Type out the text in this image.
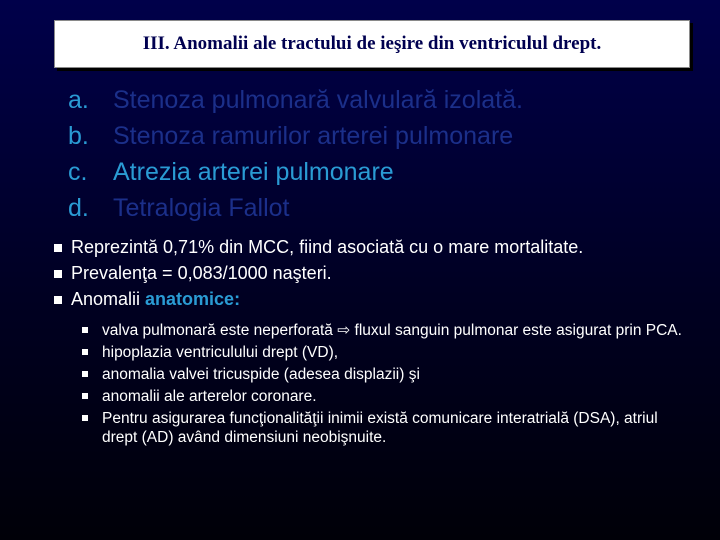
III. Anomalii ale tractului de ieşire din ventriculul drept.
a. Stenoza pulmonară valvulară izolată.
b. Stenoza ramurilor arterei pulmonare
c.	Atrezia arterei pulmonare
d. Tetralogia Fallot
Reprezintă 0,71% din MCC, fiind asociată cu o mare mortalitate.
Prevalenţa = 0,083/1000 naşteri.
Anomalii anatomice:
valva pulmonară este neperforată ⇨ fluxul sanguin pulmonar este asigurat prin PCA.
hipoplazia ventriculului drept (VD),
anomalia valvei tricuspide (adesea displazii) şi
anomalii ale arterelor coronare.
Pentru asigurarea funcţionalităţii inimii există comunicare interatrială (DSA), atriul drept (AD) având dimensiuni neobişnuite.
